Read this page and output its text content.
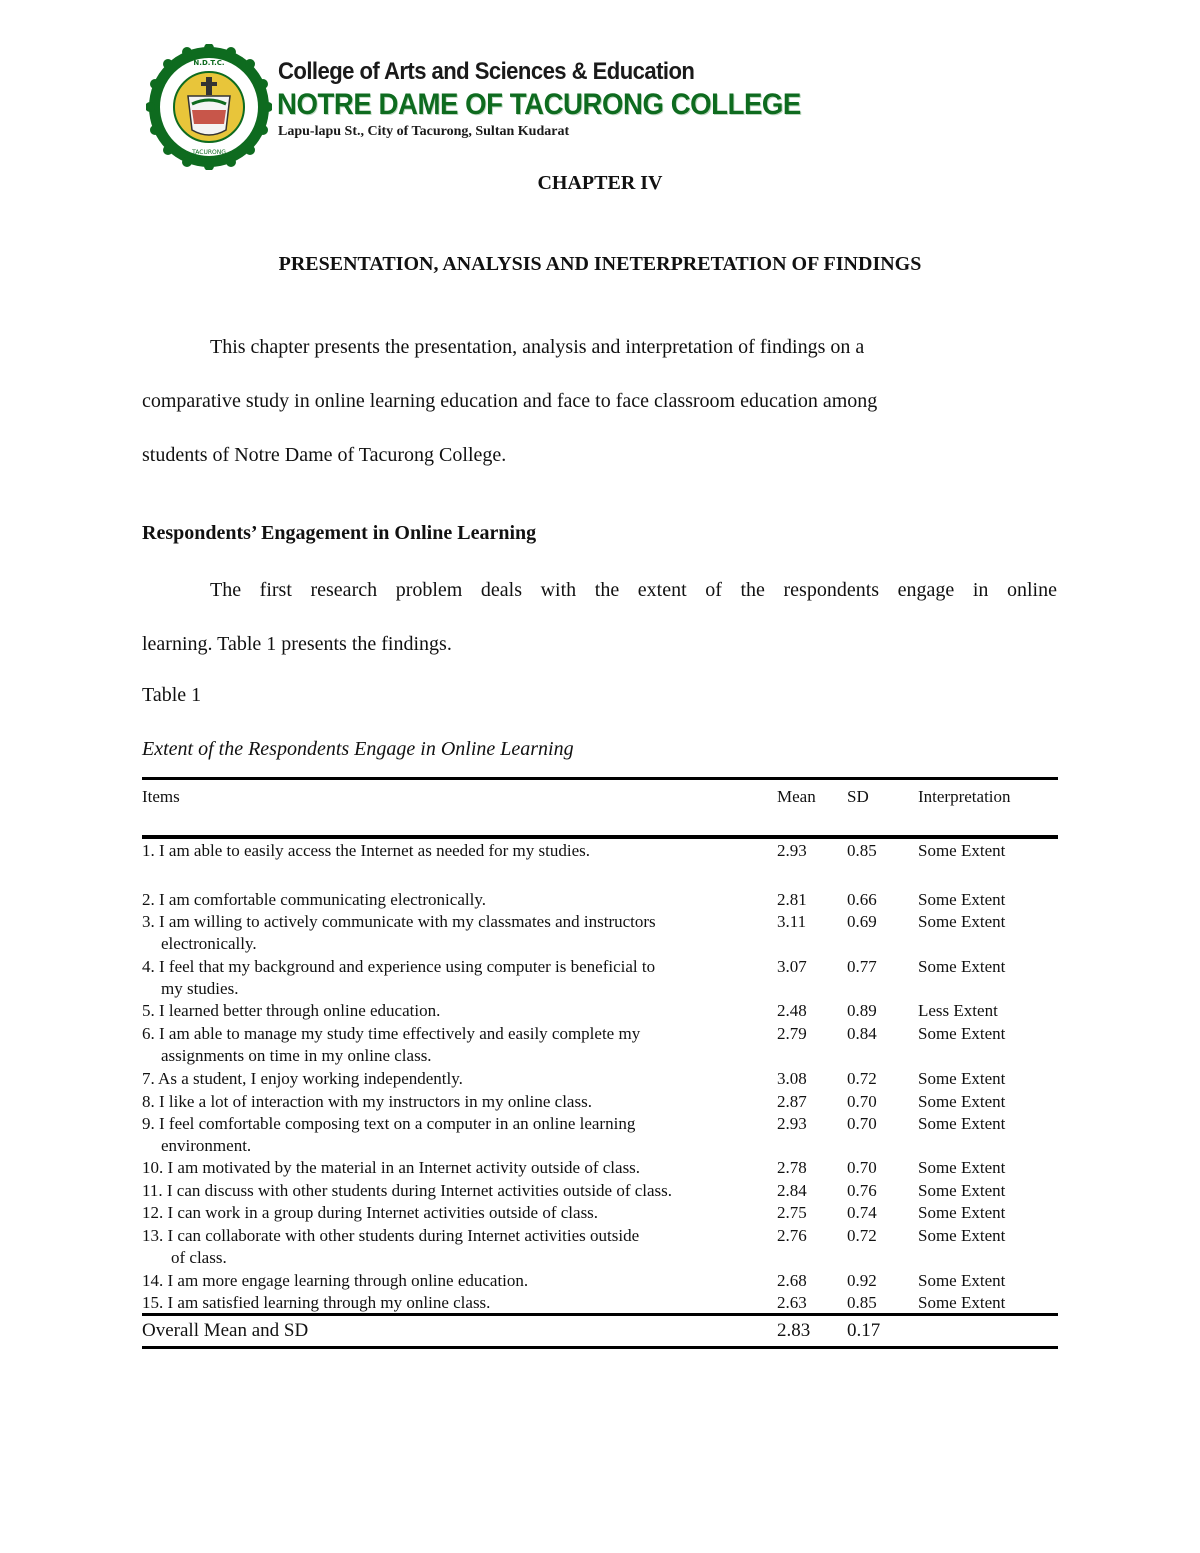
N.D.T.C.
TACURONG
College of Arts and Sciences & Education
NOTRE DAME OF TACURONG COLLEGE
Lapu-lapu St., City of Tacurong, Sultan Kudarat
CHAPTER IV
PRESENTATION, ANALYSIS AND INETERPRETATION OF FINDINGS
This chapter presents the presentation, analysis and interpretation of findings on a
comparative study in online learning education and face to face classroom education among
students of Notre Dame of Tacurong College.
Respondents’ Engagement in Online Learning
The first research problem deals with the extent of the respondents engage in online
learning. Table 1 presents the findings.
Table 1
Extent of the Respondents Engage in Online Learning
Items	Mean SD	Interpretation
1. I am able to easily access the Internet as needed for my studies.	2.93 0.85 Some Extent
2. I am comfortable communicating electronically.	2.81 0.66 Some Extent
3. I am willing to actively communicate with my classmates and instructors
electronically.
3.11 0.69 Some Extent
4. I feel that my background and experience using computer is beneficial to
my studies.
3.07 0.77 Some Extent
5. I learned better through online education.	2.48 0.89 Less Extent
6. I am able to manage my study time effectively and easily complete my
assignments on time in my online class.
2.79 0.84 Some Extent
7. As a student, I enjoy working independently.	3.08 0.72 Some Extent
8. I like a lot of interaction with my instructors in my online class.	2.87 0.70 Some Extent
9. I feel comfortable composing text on a computer in an online learning
environment.
2.93 0.70 Some Extent
10. I am motivated by the material in an Internet activity outside of class.	2.78 0.70 Some Extent
11. I can discuss with other students during Internet activities outside of class.	2.84 0.76 Some Extent
12. I can work in a group during Internet activities outside of class.	2.75 0.74 Some Extent
13. I can collaborate with other students during Internet activities outside
of class.
2.76 0.72 Some Extent
14. I am more engage learning through online education.	2.68 0.92 Some Extent
15. I am satisfied learning through my online class.	2.63 0.85 Some Extent
Overall Mean and SD	2.83 0.17
